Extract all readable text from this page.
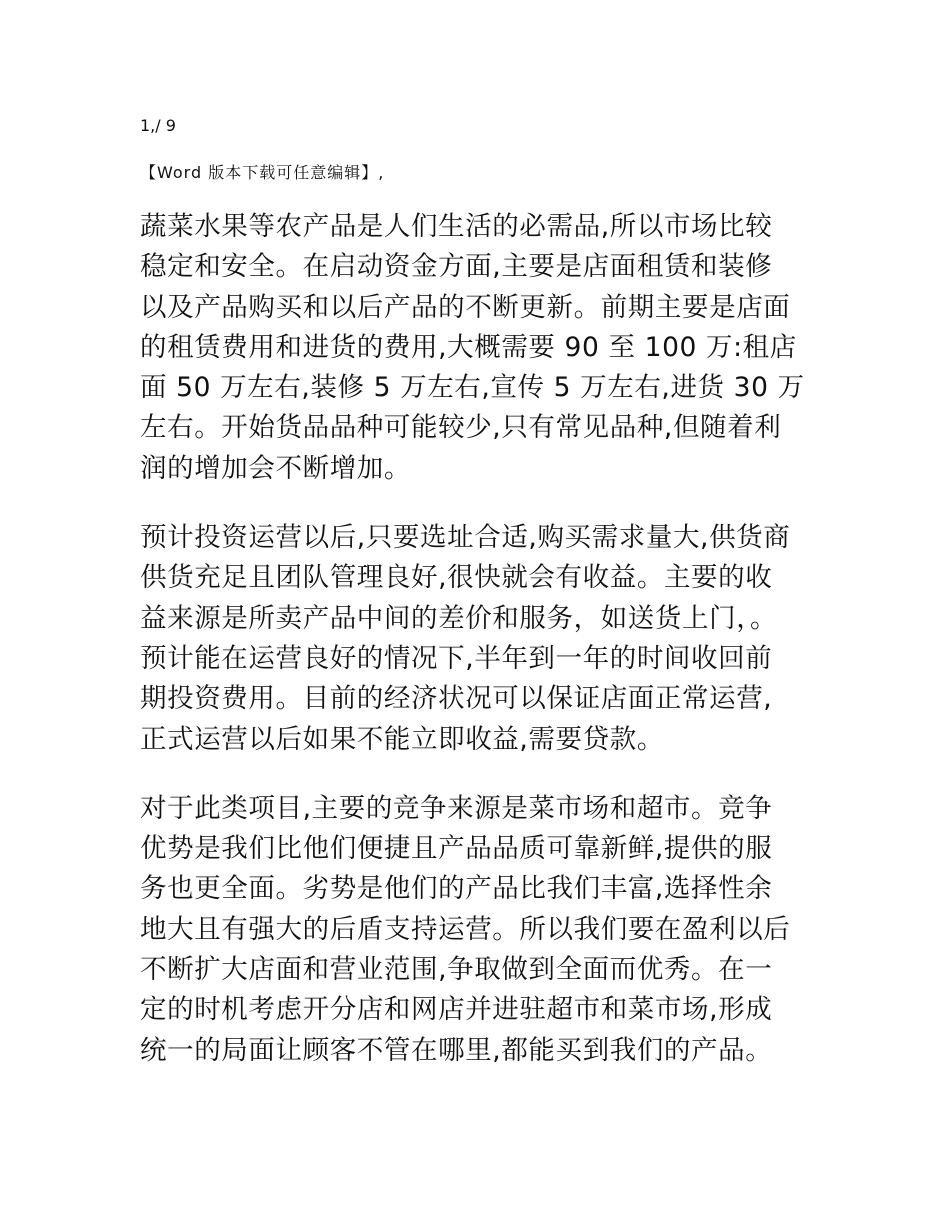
1,/ 9
【Word 版本下载可任意编辑】,
蔬菜水果等农产品是人们生活的必需品,所以市场比较
稳定和安全。在启动资金方面,主要是店面租赁和装修
以及产品购买和以后产品的不断更新。前期主要是店面
的租赁费用和进货的费用,大概需要 90 至 100 万:租店
面 50 万左右,装修 5 万左右,宣传 5 万左右,进货 30 万
左右。开始货品品种可能较少,只有常见品种,但随着利
润的增加会不断增加。
预计投资运营以后,只要选址合适,购买需求量大,供货商
供货充足且团队管理良好,很快就会有收益。主要的收
益来源是所卖产品中间的差价和服务，如送货上门，。
预计能在运营良好的情况下,半年到一年的时间收回前
期投资费用。目前的经济状况可以保证店面正常运营,
正式运营以后如果不能立即收益,需要贷款。
对于此类项目,主要的竞争来源是菜市场和超市。竞争
优势是我们比他们便捷且产品品质可靠新鲜,提供的服
务也更全面。劣势是他们的产品比我们丰富,选择性余
地大且有强大的后盾支持运营。所以我们要在盈利以后
不断扩大店面和营业范围,争取做到全面而优秀。在一
定的时机考虑开分店和网店并进驻超市和菜市场,形成
统一的局面让顾客不管在哪里,都能买到我们的产品。
